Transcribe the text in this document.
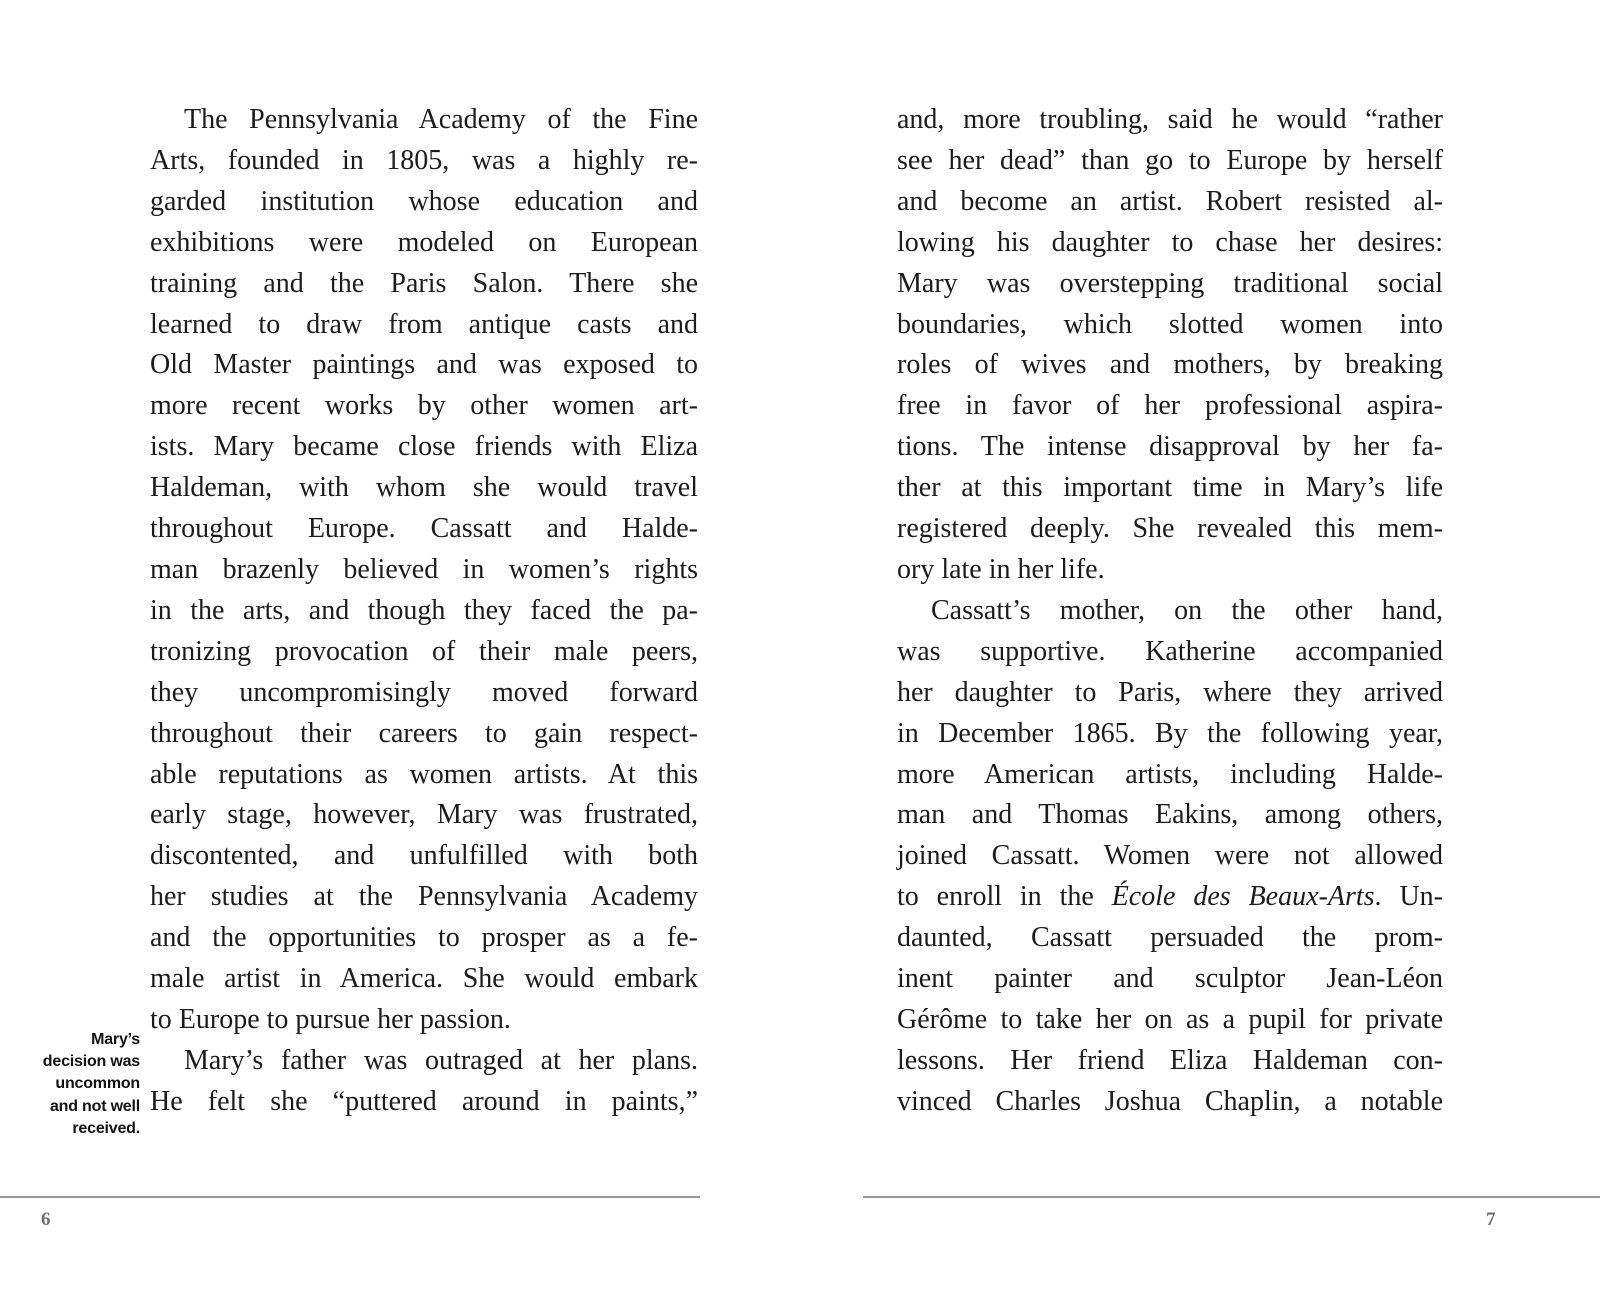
Mary’s
decision was
uncommon
and not well
received.
The Pennsylvania Academy of the Fine
Arts, founded in 1805, was a highly re-
garded institution whose education and
exhibitions were modeled on European
training and the Paris Salon. There she
learned to draw from antique casts and
Old Master paintings and was exposed to
more recent works by other women art-
ists. Mary became close friends with Eliza
Haldeman, with whom she would travel
throughout Europe. Cassatt and Halde-
man brazenly believed in women’s rights
in the arts, and though they faced the pa-
tronizing provocation of their male peers,
they uncompromisingly moved forward
throughout their careers to gain respect-
able reputations as women artists. At this
early stage, however, Mary was frustrated,
discontented, and unfulfilled with both
her studies at the Pennsylvania Academy
and the opportunities to prosper as a fe-
male artist in America. She would embark
to Europe to pursue her passion.
Mary’s father was outraged at her plans.
He felt she “puttered around in paints,”
6
and, more troubling, said he would “rather
see her dead” than go to Europe by herself
and become an artist. Robert resisted al-
lowing his daughter to chase her desires:
Mary was overstepping traditional social
boundaries, which slotted women into
roles of wives and mothers, by breaking
free in favor of her professional aspira-
tions. The intense disapproval by her fa-
ther at this important time in Mary’s life
registered deeply. She revealed this mem-
ory late in her life.
Cassatt’s mother, on the other hand,
was supportive. Katherine accompanied
her daughter to Paris, where they arrived
in December 1865. By the following year,
more American artists, including Halde-
man and Thomas Eakins, among others,
joined Cassatt. Women were not allowed
to enroll in the École des Beaux-Arts. Un-
daunted, Cassatt persuaded the prom-
inent painter and sculptor Jean-Léon
Gérôme to take her on as a pupil for private
lessons. Her friend Eliza Haldeman con-
vinced Charles Joshua Chaplin, a notable
7
